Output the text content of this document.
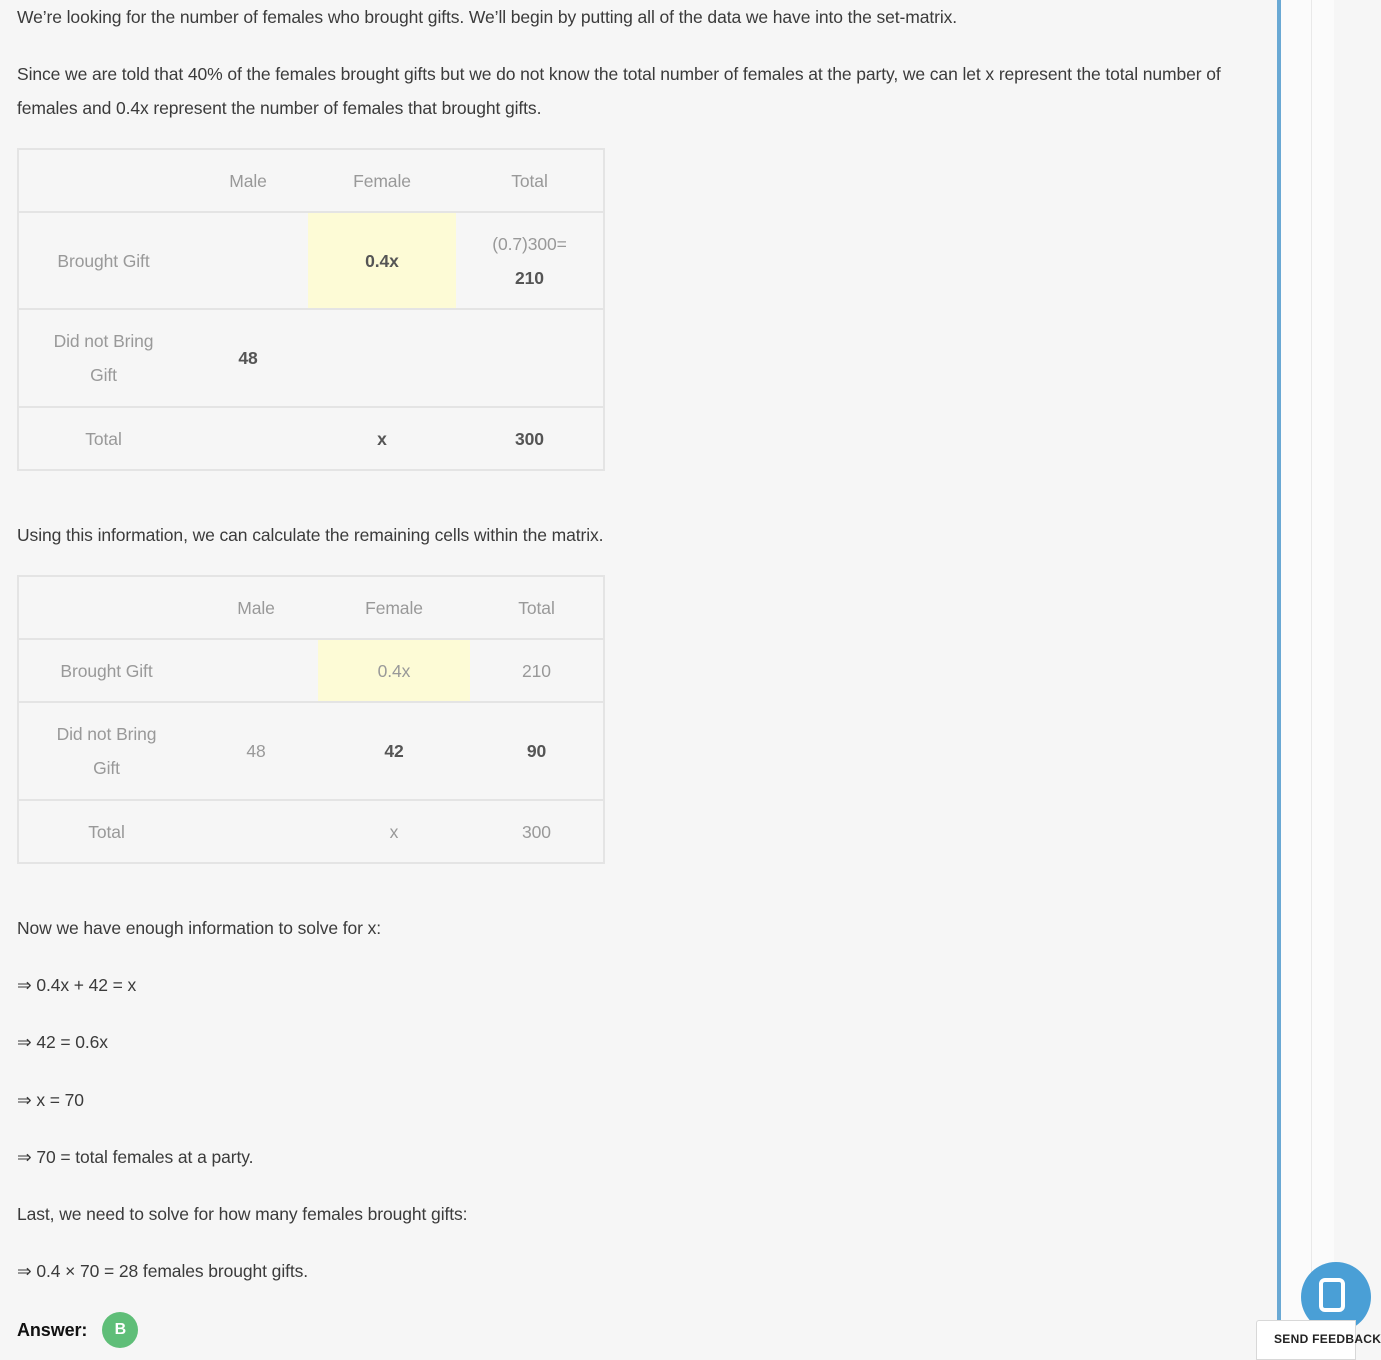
We’re looking for the number of females who brought gifts. We’ll begin by putting all of the data we have into the set-matrix.
Since we are told that 40% of the females brought gifts but we do not know the total number of females at the party, we can let x represent the total number of females and 0.4x represent the number of females that brought gifts.
	Male	Female	Total
Brought Gift		0.4x	(0.7)300=
210

Did not Bring Gift	48		
Total		x	300
Using this information, we can calculate the remaining cells within the matrix.
	Male	Female	Total
Brought Gift		0.4x	210
Did not Bring Gift	48	42	90
Total		x	300
Now we have enough information to solve for x:
⇒ 0.4x + 42 = x
⇒ 42 = 0.6x
⇒ x = 70
⇒ 70 = total females at a party.
Last, we need to solve for how many females brought gifts:
⇒ 0.4 × 70 = 28 females brought gifts.
Answer:	B
SEND FEEDBACK
